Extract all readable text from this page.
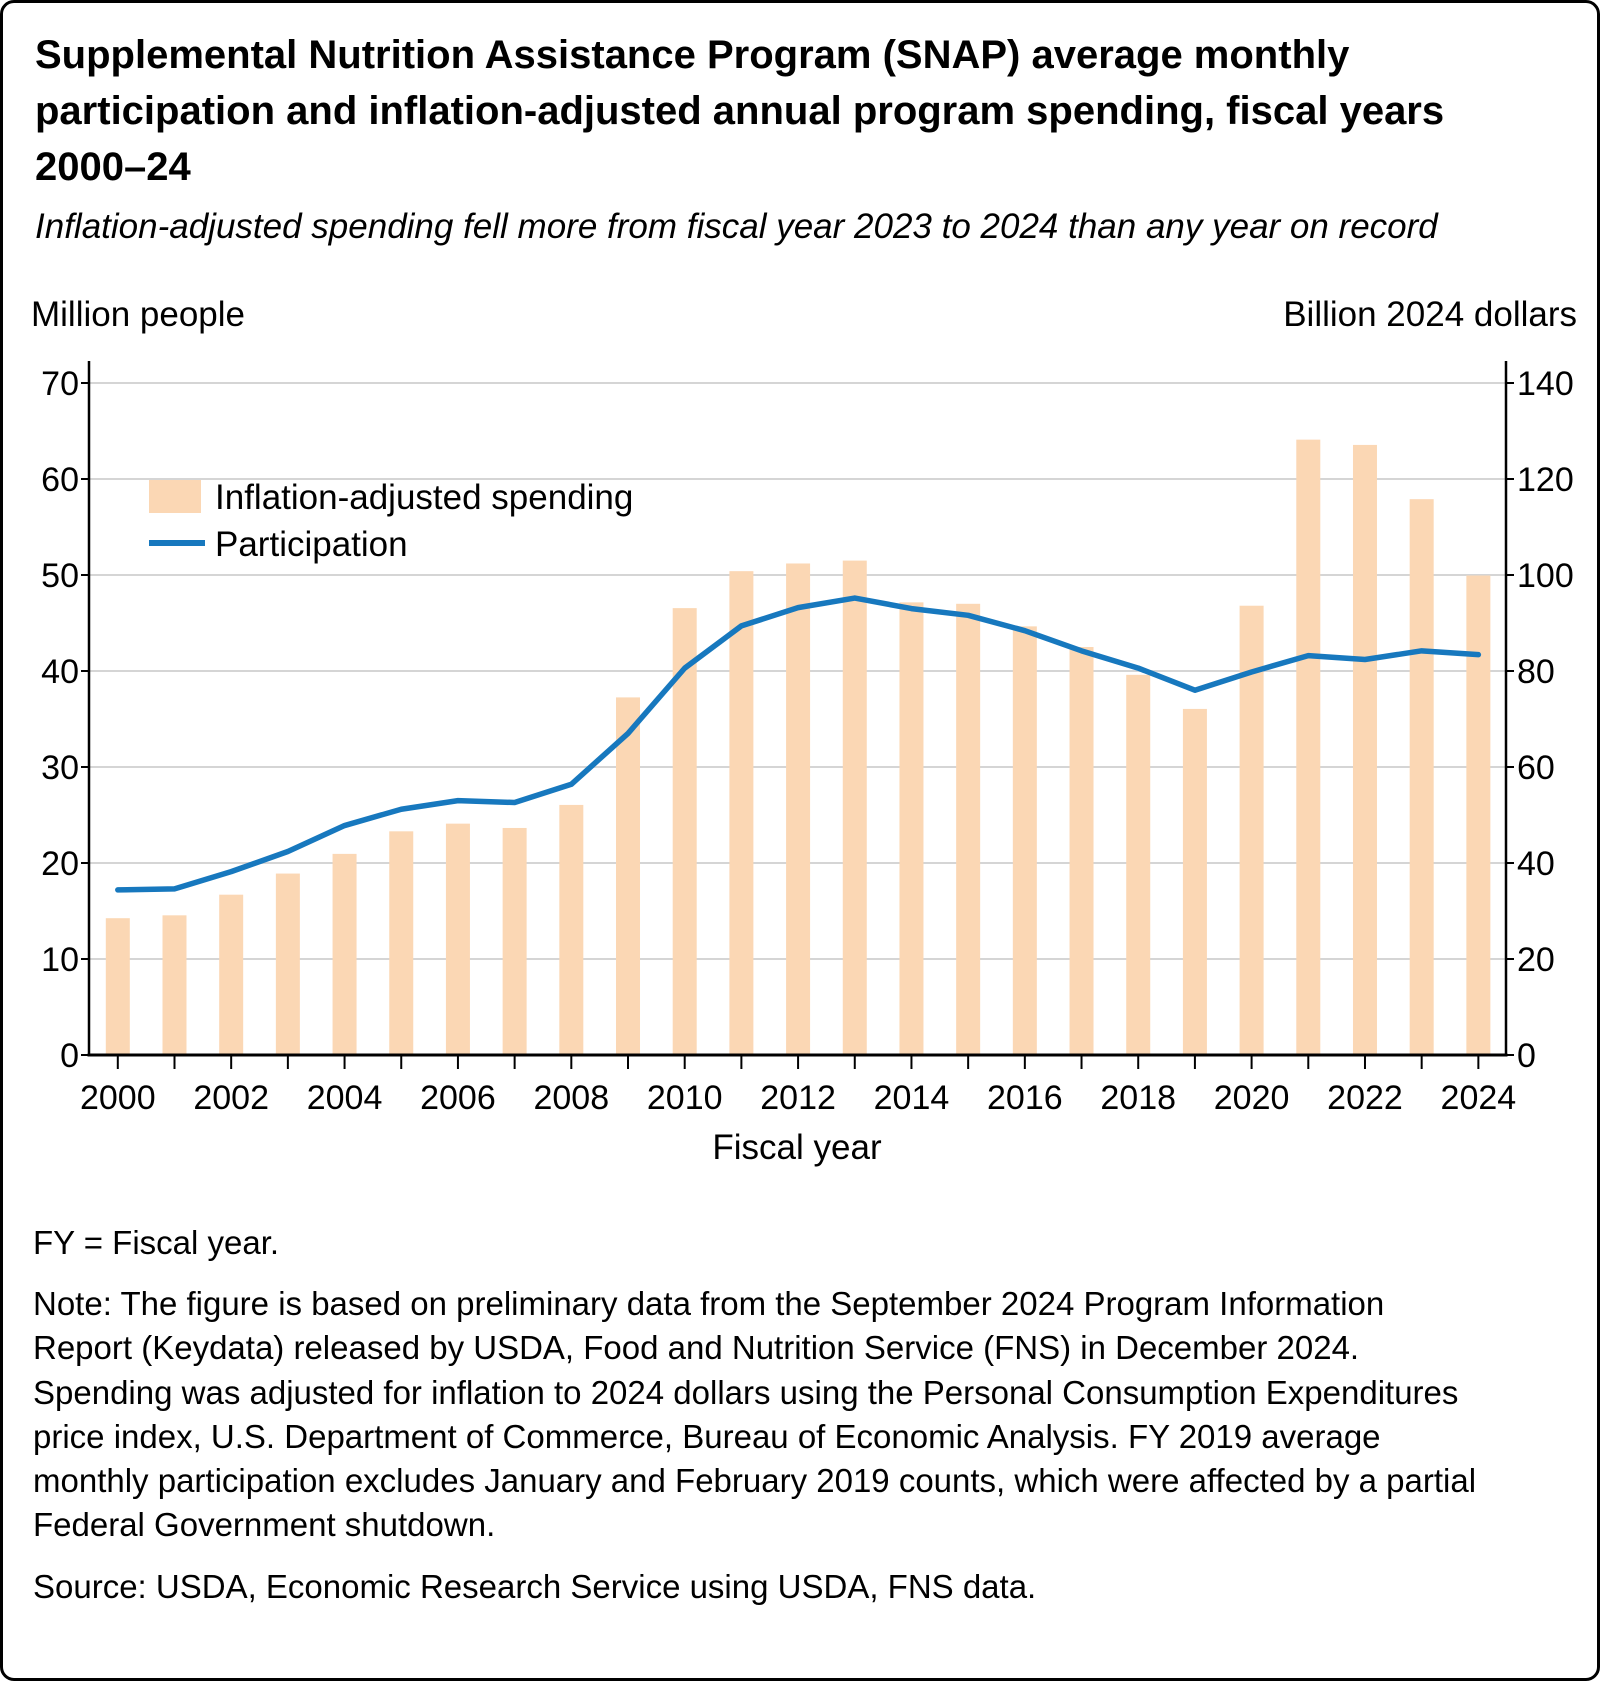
Supplemental Nutrition Assistance Program (SNAP) average monthly participation and inflation-adjusted annual program spending, fiscal years 2000–24

Inflation-adjusted spending fell more from fiscal year 2023 to 2024 than any year on record

2000 2002 2004 2006 2008 2010 2012 2014 2016 2018 2020 2022 2024
0
10
20
30
40
50
60
70
0
20
40
60
80
100
120
140
Million people	Billion 2024 dollars
Fiscal year
Inflation-adjusted spending
Participation

FY = Fiscal year.

Note: The figure is based on preliminary data from the September 2024 Program Information Report (Keydata) released by USDA, Food and Nutrition Service (FNS) in December 2024. Spending was adjusted for inflation to 2024 dollars using the Personal Consumption Expenditures price index, U.S. Department of Commerce, Bureau of Economic Analysis. FY 2019 average monthly participation excludes January and February 2019 counts, which were affected by a partial Federal Government shutdown.

Source: USDA, Economic Research Service using USDA, FNS data.
